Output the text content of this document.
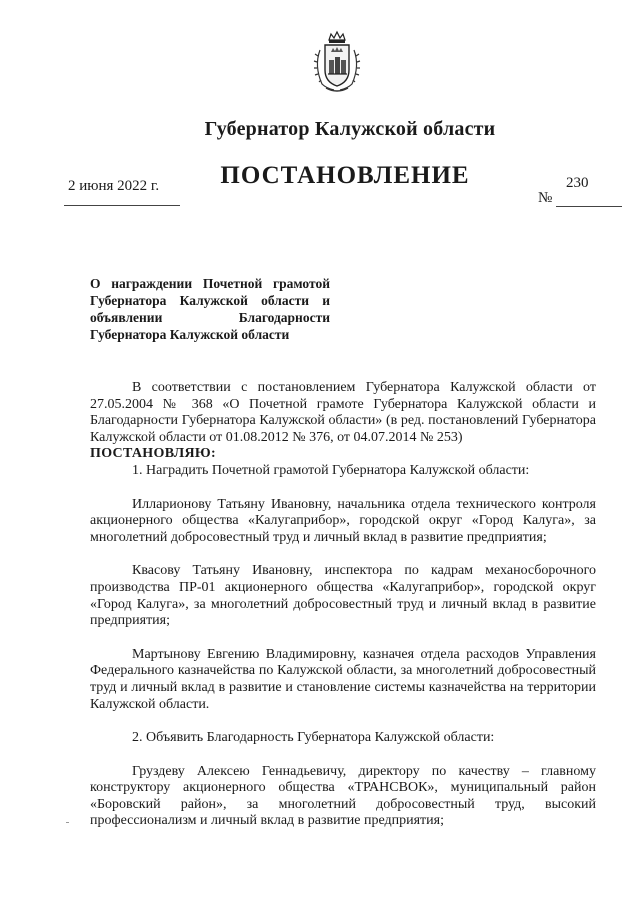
Губернатор Калужской области
ПОСТАНОВЛЕНИЕ
2 июня 2022 г.	230
№
О награждении Почетной грамотой Губернатора Калужской области и объявлении Благодарности Губернатора Калужской области

В соответствии с постановлением Губернатора Калужской области от 27.05.2004 № 368 «О Почетной грамоте Губернатора Калужской области и Благодарности Губернатора Калужской области» (в ред. постановлений Губернатора Калужской области от 01.08.2012 № 376, от 04.07.2014 № 253)

ПОСТАНОВЛЯЮ:

1. Наградить Почетной грамотой Губернатора Калужской области:

Илларионову Татьяну Ивановну, начальника отдела технического контроля акционерного общества «Калугаприбор», городской округ «Город Калуга», за многолетний добросовестный труд и личный вклад в развитие предприятия;

Квасову Татьяну Ивановну, инспектора по кадрам механосборочного производства ПР-01 акционерного общества «Калугаприбор», городской округ «Город Калуга», за многолетний добросовестный труд и личный вклад в развитие предприятия;

Мартынову Евгению Владимировну, казначея отдела расходов Управления Федерального казначейства по Калужской области, за многолетний добросовестный труд и личный вклад в развитие и становление системы казначейства на территории Калужской области.

2. Объявить Благодарность Губернатора Калужской области:

Груздеву Алексею Геннадьевичу, директору по качеству – главному конструктору акционерного общества «ТРАНСВОК», муниципальный район «Боровский район», за многолетний добросовестный труд, высокий профессионализм и личный вклад в развитие предприятия;
